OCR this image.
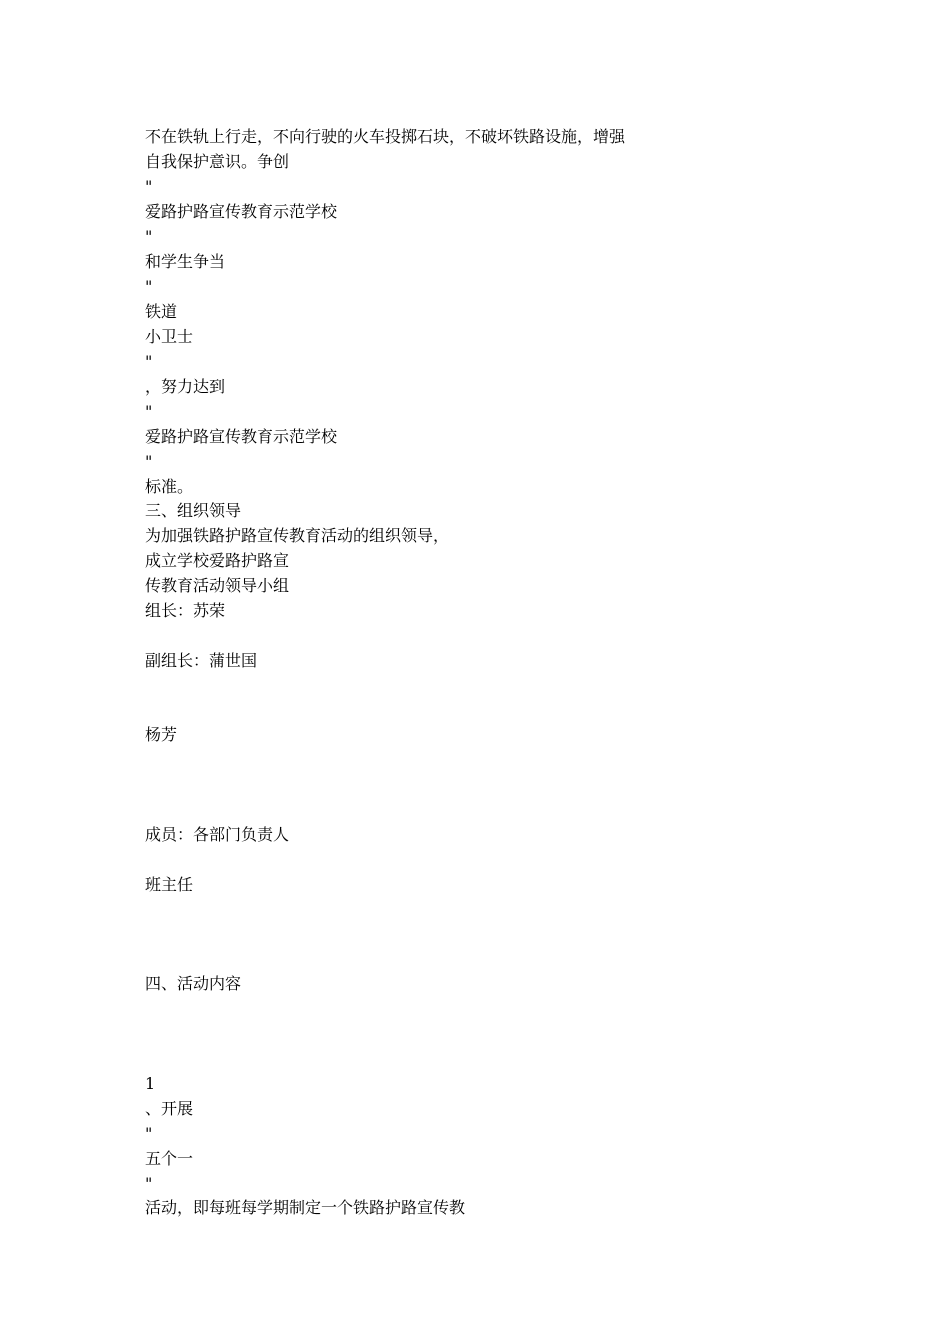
不在铁轨上行走，不向行驶的火车投掷石块，不破坏铁路设施，增强

自我保护意识。争创

"

爱路护路宣传教育示范学校

"

和学生争当

"

铁道

小卫士

"

，努力达到

"

爱路护路宣传教育示范学校

"

标准。

三、组织领导

为加强铁路护路宣传教育活动的组织领导，

成立学校爱路护路宣

传教育活动领导小组

组长：苏荣

副组长：蒲世国

杨芳

成员：各部门负责人

班主任

四、活动内容

1

、开展

"

五个一

"

活动，即每班每学期制定一个铁路护路宣传教
